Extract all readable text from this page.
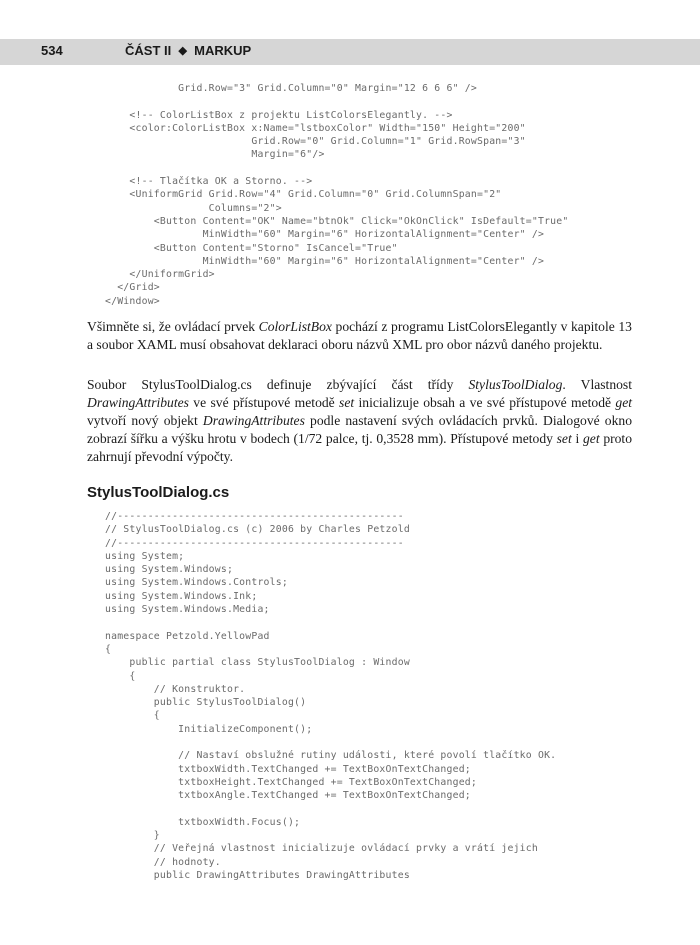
534	ČÁST II ◆ MARKUP
Grid.Row="3" Grid.Column="0" Margin="12 6 6 6" />

<!-- ColorListBox z projektu ListColorsElegantly. -->
<color:ColorListBox x:Name="lstboxColor" Width="150" Height="200"
Grid.Row="0" Grid.Column="1" Grid.RowSpan="3"
Margin="6"/>

<!-- Tlačítka OK a Storno. -->
<UniformGrid Grid.Row="4" Grid.Column="0" Grid.ColumnSpan="2"
Columns="2">
<Button Content="OK" Name="btnOk" Click="OkOnClick" IsDefault="True"
MinWidth="60" Margin="6" HorizontalAlignment="Center" />
<Button Content="Storno" IsCancel="True"
MinWidth="60" Margin="6" HorizontalAlignment="Center" />
</UniformGrid>
</Grid>
</Window>

Všimněte si, že ovládací prvek ColorListBox pochází z programu ListColorsElegantly v kapitole 13 a soubor XAML musí obsahovat deklaraci oboru názvů XML pro obor názvů daného projektu.

Soubor StylusToolDialog.cs definuje zbývající část třídy StylusToolDialog. Vlastnost DrawingAttributes ve své přístupové metodě set inicializuje obsah a ve své přístupové metodě get vytvoří nový objekt DrawingAttributes podle nastavení svých ovládacích prvků. Dialogové okno zobrazí šířku a výšku hrotu v bodech (1/72 palce, tj. 0,3528 mm). Přístupové metody set i get proto zahrnují převodní výpočty.

StylusToolDialog.cs
//-----------------------------------------------
// StylusToolDialog.cs (c) 2006 by Charles Petzold
//-----------------------------------------------
using System;
using System.Windows;
using System.Windows.Controls;
using System.Windows.Ink;
using System.Windows.Media;

namespace Petzold.YellowPad
{
public partial class StylusToolDialog : Window
{
// Konstruktor.
public StylusToolDialog()
{
InitializeComponent();

// Nastaví obslužné rutiny události, které povolí tlačítko OK.
txtboxWidth.TextChanged += TextBoxOnTextChanged;
txtboxHeight.TextChanged += TextBoxOnTextChanged;
txtboxAngle.TextChanged += TextBoxOnTextChanged;

txtboxWidth.Focus();
}
// Veřejná vlastnost inicializuje ovládací prvky a vrátí jejich
// hodnoty.
public DrawingAttributes DrawingAttributes
